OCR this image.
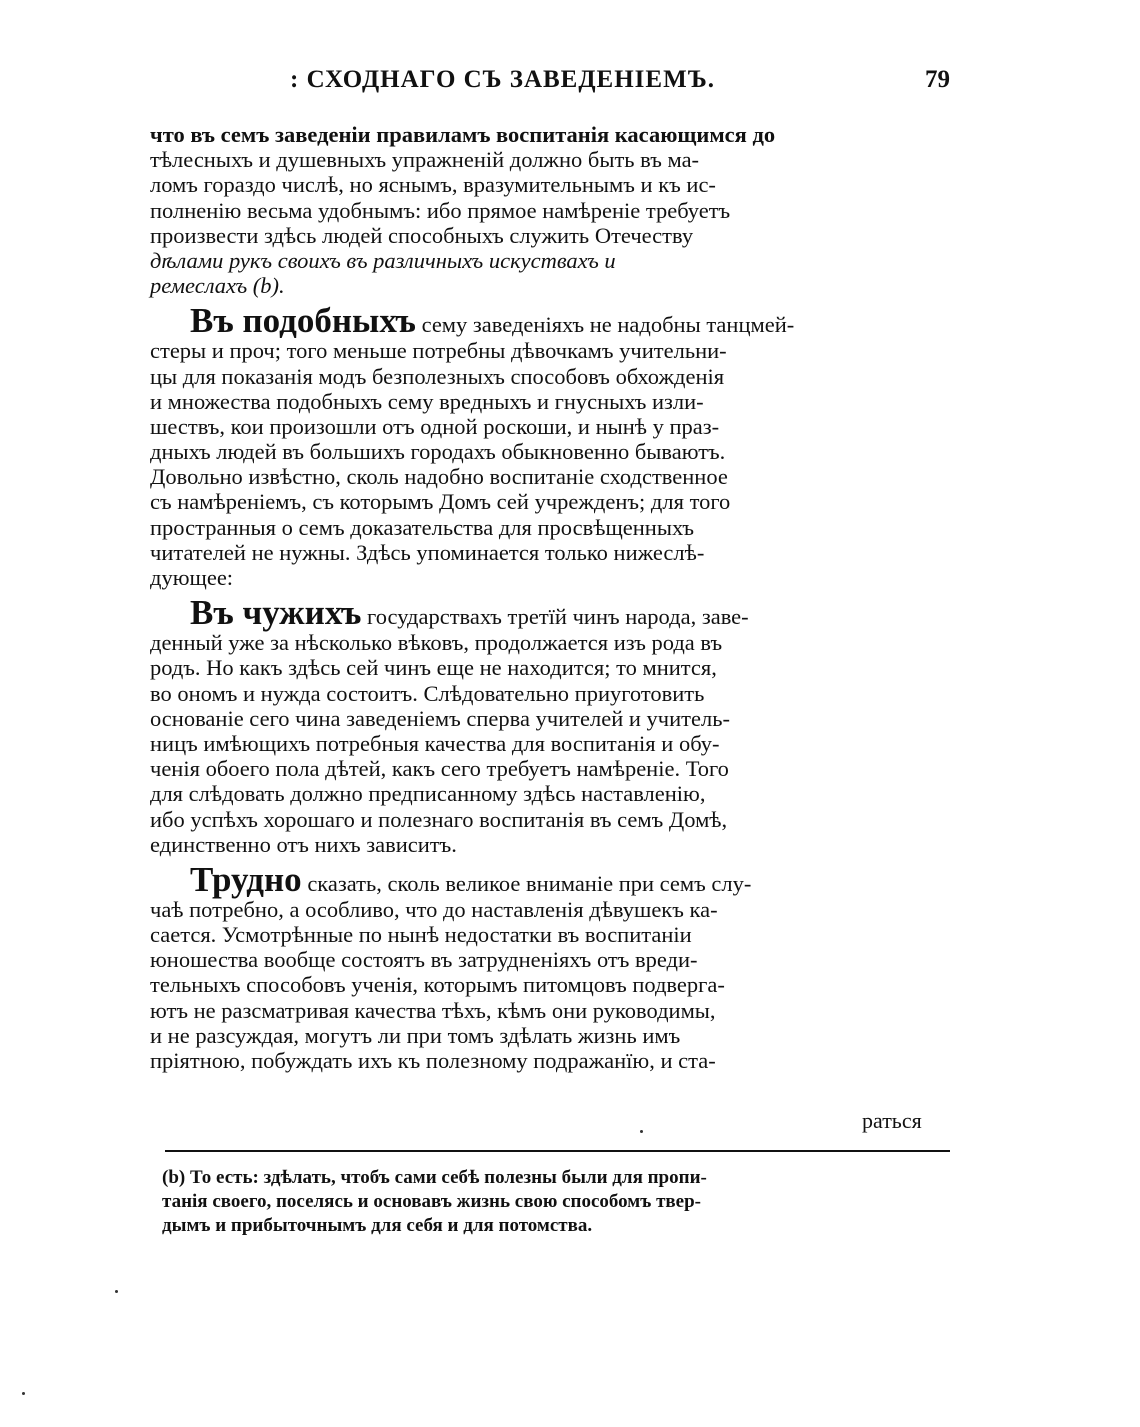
: СХОДНАГО СЪ ЗАВЕДЕНІЕМЪ.	79
что въ семъ заведеніи правиламъ воспитанія касающимся до
тѣлесныхъ и душевныхъ упражненій должно быть въ ма-
ломъ гораздо числѣ, но яснымъ, вразумительнымъ и къ ис-
полненію весьма удобнымъ: ибо прямое намѣреніе требуетъ
произвести здѣсь людей способныхъ служить Отечеству
дѣлами рукъ своихъ въ различныхъ искуствахъ и
ремеслахъ (b).
Въ подобныхъ сему заведеніяхъ не надобны танцмей-
стеры и проч; того меньше потребны дѣвочкамъ учительни-
цы для показанія модъ безполезныхъ способовъ обхожденія
и множества подобныхъ сему вредныхъ и гнусныхъ изли-
шествъ, кои произошли отъ одной роскоши, и нынѣ у праз-
дныхъ людей въ большихъ городахъ обыкновенно бываютъ.
Довольно извѣстно, сколь надобно воспитаніе сходственное
съ намѣреніемъ, съ которымъ Домъ сей учрежденъ; для того
пространныя о семъ доказательства для просвѣщенныхъ
читателей не нужны. Здѣсь упоминается только нижеслѣ-
дующее:
Въ чужихъ государствахъ третїй чинъ народа, заве-
денный уже за нѣсколько вѣковъ, продолжается изъ рода въ
родъ. Но какъ здѣсь сей чинъ еще не находится; то мнится,
во ономъ и нужда состоитъ. Слѣдовательно приуготовить
основаніе сего чина заведеніемъ сперва учителей и учитель-
ницъ имѣющихъ потребныя качества для воспитанія и обу-
ченія обоего пола дѣтей, какъ сего требуетъ намѣреніе. Того
для слѣдовать должно предписанному здѣсь наставленію,
ибо успѣхъ хорошаго и полезнаго воспитанія въ семъ Домѣ,
единственно отъ нихъ зависитъ.
Трудно сказать, сколь великое вниманіе при семъ слу-
чаѣ потребно, а особливо, что до наставленія дѣвушекъ ка-
сается. Усмотрѣнные по нынѣ недостатки въ воспитаніи
юношества вообще состоятъ въ затрудненіяхъ отъ вреди-
тельныхъ способовъ ученія, которымъ питомцовъ подверга-
ютъ не разсматривая качества тѣхъ, кѣмъ они руководимы,
и не разсуждая, могутъ ли при томъ здѣлать жизнь имъ
пріятною, побуждать ихъ къ полезному подражанїю, и ста-
раться
(b) То есть: здѣлать, чтобъ сами себѣ полезны были для пропи-
танія своего, поселясь и основавъ жизнь свою способомъ твер-
дымъ и прибыточнымъ для себя и для потомства.
